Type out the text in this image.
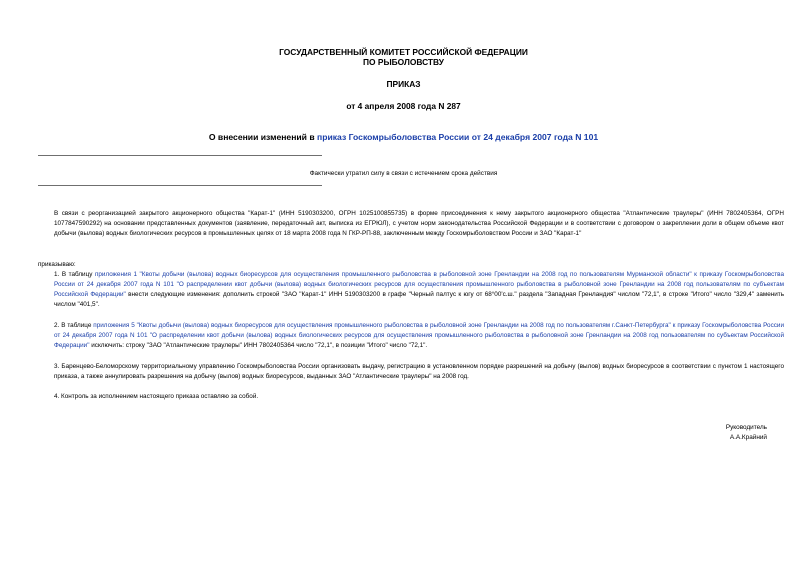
ГОСУДАРСТВЕННЫЙ КОМИТЕТ РОССИЙСКОЙ ФЕДЕРАЦИИ
ПО РЫБОЛОВСТВУ
ПРИКАЗ
от 4 апреля 2008 года N 287
О внесении изменений в приказ Госкомрыболовства России от 24 декабря 2007 года N 101
Фактически утратил силу в связи с истечением срока действия
В связи с реорганизацией закрытого акционерного общества "Карат-1" (ИНН 5190303200, ОГРН 1025100855735) в форме присоединения к нему закрытого акционерного общества "Атлантические траулеры" (ИНН 7802405364, ОГРН 1077847590292) на основании представленных документов (заявление, передаточный акт, выписка из ЕГРЮЛ), с учетом норм законодательства Российской Федерации и в соответствии с договором о закреплении доли в общем объеме квот добычи (вылова) водных биологических ресурсов в промышленных целях от 18 марта 2008 года N ГКР-РП-88, заключенным между Госкомрыболовством России и ЗАО "Карат-1"
приказываю:
1. В таблицу приложения 1 "Квоты добычи (вылова) водных биоресурсов для осуществления промышленного рыболовства в рыболовной зоне Гренландии на 2008 год по пользователям Мурманской области" к приказу Госкомрыболовства России от 24 декабря 2007 года N 101 "О распределении квот добычи (вылова) водных биологических ресурсов для осуществления промышленного рыболовства в рыболовной зоне Гренландии на 2008 год пользователям по субъектам Российской Федерации" внести следующие изменения: дополнить строкой "ЗАО "Карат-1" ИНН 5190303200 в графе "Черный палтус к югу от 68°00'с.ш." раздела "Западная Гренландия" числом "72,1", в строке "Итого" число "329,4" заменить числом "401,5".
2. В таблице приложения 5 "Квоты добычи (вылова) водных биоресурсов для осуществления промышленного рыболовства в рыболовной зоне Гренландии на 2008 год по пользователям г.Санкт-Петербурга" к приказу Госкомрыболовства России от 24 декабря 2007 года N 101 "О распределении квот добычи (вылова) водных биологических ресурсов для осуществления промышленного рыболовства в рыболовной зоне Гренландии на 2008 год пользователям по субъектам Российской Федерации" исключить: строку "ЗАО "Атлантические траулеры" ИНН 7802405364 число "72,1", в позиции "Итого" число "72,1".
3. Баренцево-Беломорскому территориальному управлению Госкомрыболовства России организовать выдачу, регистрацию в установленном порядке разрешений на добычу (вылов) водных биоресурсов в соответствии с пунктом 1 настоящего приказа, а также аннулировать разрешения на добычу (вылов) водных биоресурсов, выданных ЗАО "Атлантические траулеры" на 2008 год.
4. Контроль за исполнением настоящего приказа оставляю за собой.
Руководитель
А.А.Крайний
